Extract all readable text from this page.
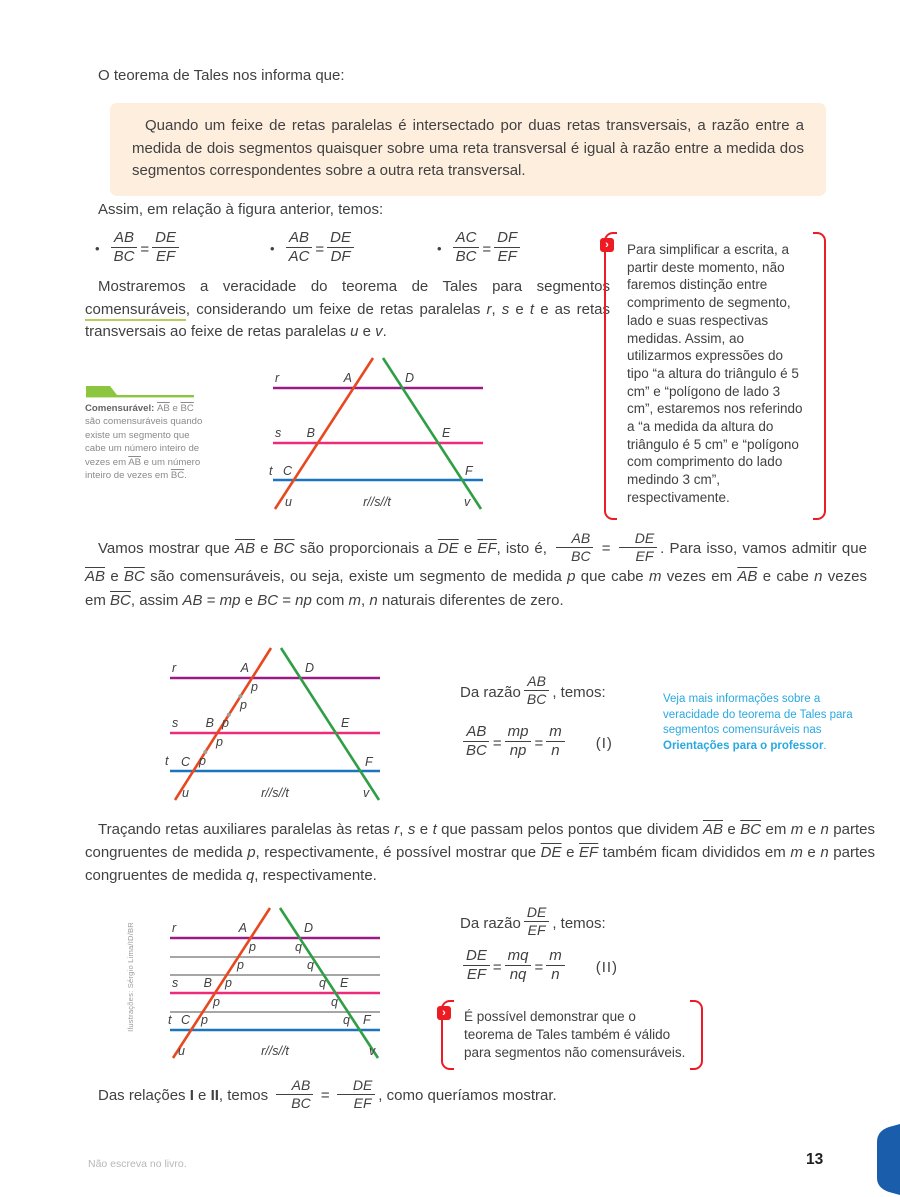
O teorema de Tales nos informa que:

Quando um feixe de retas paralelas é intersectado por duas retas transversais, a razão entre a medida de dois segmentos quaisquer sobre uma reta transversal é igual à razão entre a medida dos segmentos correspondentes sobre a outra reta transversal.

Assim, em relação à figura anterior, temos:

• $\frac{AB}{BC} = \frac{DE}{EF}$	• $\frac{AB}{AC} = \frac{DE}{DF}$	• $\frac{AC}{BC} = \frac{DF}{EF}$

Mostraremos a veracidade do teorema de Tales para segmentos comensuráveis, considerando um feixe de retas paralelas r, s e t e as retas transversais ao feixe de retas paralelas u e v.

›	Para simplificar a escrita, a partir deste momento, não faremos distinção entre comprimento de segmento, lado e suas respectivas medidas. Assim, ao utilizarmos expressões do tipo “a altura do triângulo é 5 cm” e “polígono de lado 3 cm”, estaremos nos referindo a “a medida da altura do triângulo é 5 cm” e “polígono com comprimento do lado medindo 3 cm”, respectivamente.
Comensurável: $\overline{AB}$ e $\overline{BC}$ são comensuráveis quando existe um segmento que cabe um número inteiro de vezes em $\overline{AB}$ e um número inteiro de vezes em $\overline{BC}$.
r
s
t
A	D
B	E
C	F
u	v
r//s//t

Vamos mostrar que $\overline{AB}$ e $\overline{BC}$ são proporcionais a $\overline{DE}$ e $\overline{EF}$, isto é, $\frac{AB}{BC} = \frac{DE}{EF}$ . Para isso, vamos admitir que $\overline{AB}$ e $\overline{BC}$ são comensuráveis, ou seja, existe um segmento de medida p que cabe m vezes em $\overline{AB}$ e cabe n vezes em $\overline{BC}$, assim AB = mp e BC = np com m, n naturais diferentes de zero.

r
s
t
A	D
B	E
C	F
u	v
r//s//t
p
p
p
p
p
Da razão $\frac{AB}{BC}$ , temos:
$\frac{AB}{BC} = \frac{mp}{np} = \frac{m}{n} (I)$
Veja mais informações sobre a veracidade do teorema de Tales para segmentos comensuráveis nas Orientações para o professor.

Traçando retas auxiliares paralelas às retas r, s e t que passam pelos pontos que dividem $\overline{AB}$ e $\overline{BC}$ em m e n partes congruentes de medida p, respectivamente, é possível mostrar que $\overline{DE}$ e $\overline{EF}$ também ficam divididos em m e n partes congruentes de medida q, respectivamente.

r
s
t
A	D
B	E
C	F
u	v
r//s//t
p
p
p
p
p
q
q
q
q
q
Ilustrações: Sérgio Lima/ID/BR	Da razão $\frac{DE}{EF}$ , temos:
$\frac{DE}{EF} = \frac{mq}{nq} = \frac{m}{n} (II)$
›	É possível demonstrar que o teorema de Tales também é válido para segmentos não comensuráveis.

Das relações I e II, temos $\frac{AB}{BC} = \frac{DE}{EF}$ , como queríamos mostrar.

Não escreva no livro.	13
